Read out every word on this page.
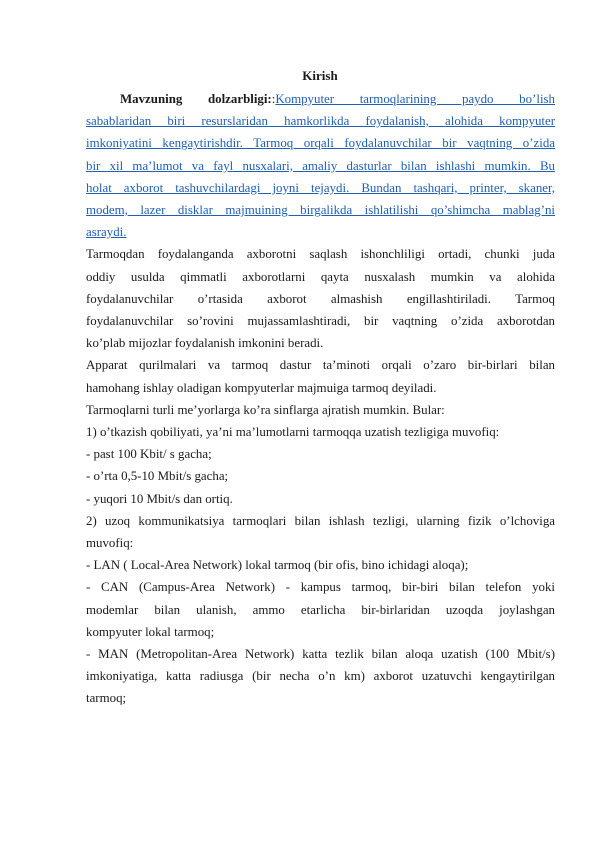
Kirish

Mavzuning dolzarbligi::Kompyuter tarmoqlarining paydo bo’lish

sabablaridan biri resurslaridan hamkorlikda foydalanish, alohida kompyuter

imkoniyatini kengaytirishdir. Tarmoq orqali foydalanuvchilar bir vaqtning o’zida

bir xil ma’lumot va fayl nusxalari, amaliy dasturlar bilan ishlashi mumkin. Bu

holat axborot tashuvchilardagi joyni tejaydi. Bundan tashqari, printer, skaner,

modem, lazer disklar majmuining birgalikda ishlatilishi qo’shimcha mablag’ni

asraydi.

Tarmoqdan foydalanganda axborotni saqlash ishonchliligi ortadi, chunki juda

oddiy usulda qimmatli axborotlarni qayta nusxalash mumkin va alohida

foydalanuvchilar o’rtasida axborot almashish engillashtiriladi. Tarmoq

foydalanuvchilar so’rovini mujassamlashtiradi, bir vaqtning o’zida axborotdan

ko’plab mijozlar foydalanish imkonini beradi.

Apparat qurilmalari va tarmoq dastur ta’minoti orqali o’zaro bir-birlari bilan

hamohang ishlay oladigan kompyuterlar majmuiga tarmoq deyiladi.

Tarmoqlarni turli me’yorlarga ko’ra sinflarga ajratish mumkin. Bular:

1) o’tkazish qobiliyati, ya’ni ma’lumotlarni tarmoqqa uzatish tezligiga muvofiq:

- past 100 Kbit/ s gacha;

- o’rta 0,5-10 Mbit/s gacha;

- yuqori 10 Mbit/s dan ortiq.

2) uzoq kommunikatsiya tarmoqlari bilan ishlash tezligi, ularning fizik o’lchoviga

muvofiq:

- LAN ( Local-Area Network) lokal tarmoq (bir ofis, bino ichidagi aloqa);

- CAN (Campus-Area Network) - kampus tarmoq, bir-biri bilan telefon yoki

modemlar bilan ulanish, ammo etarlicha bir-birlaridan uzoqda joylashgan

kompyuter lokal tarmoq;

- MAN (Metropolitan-Area Network) katta tezlik bilan aloqa uzatish (100 Mbit/s)

imkoniyatiga, katta radiusga (bir necha o’n km) axborot uzatuvchi kengaytirilgan

tarmoq;
